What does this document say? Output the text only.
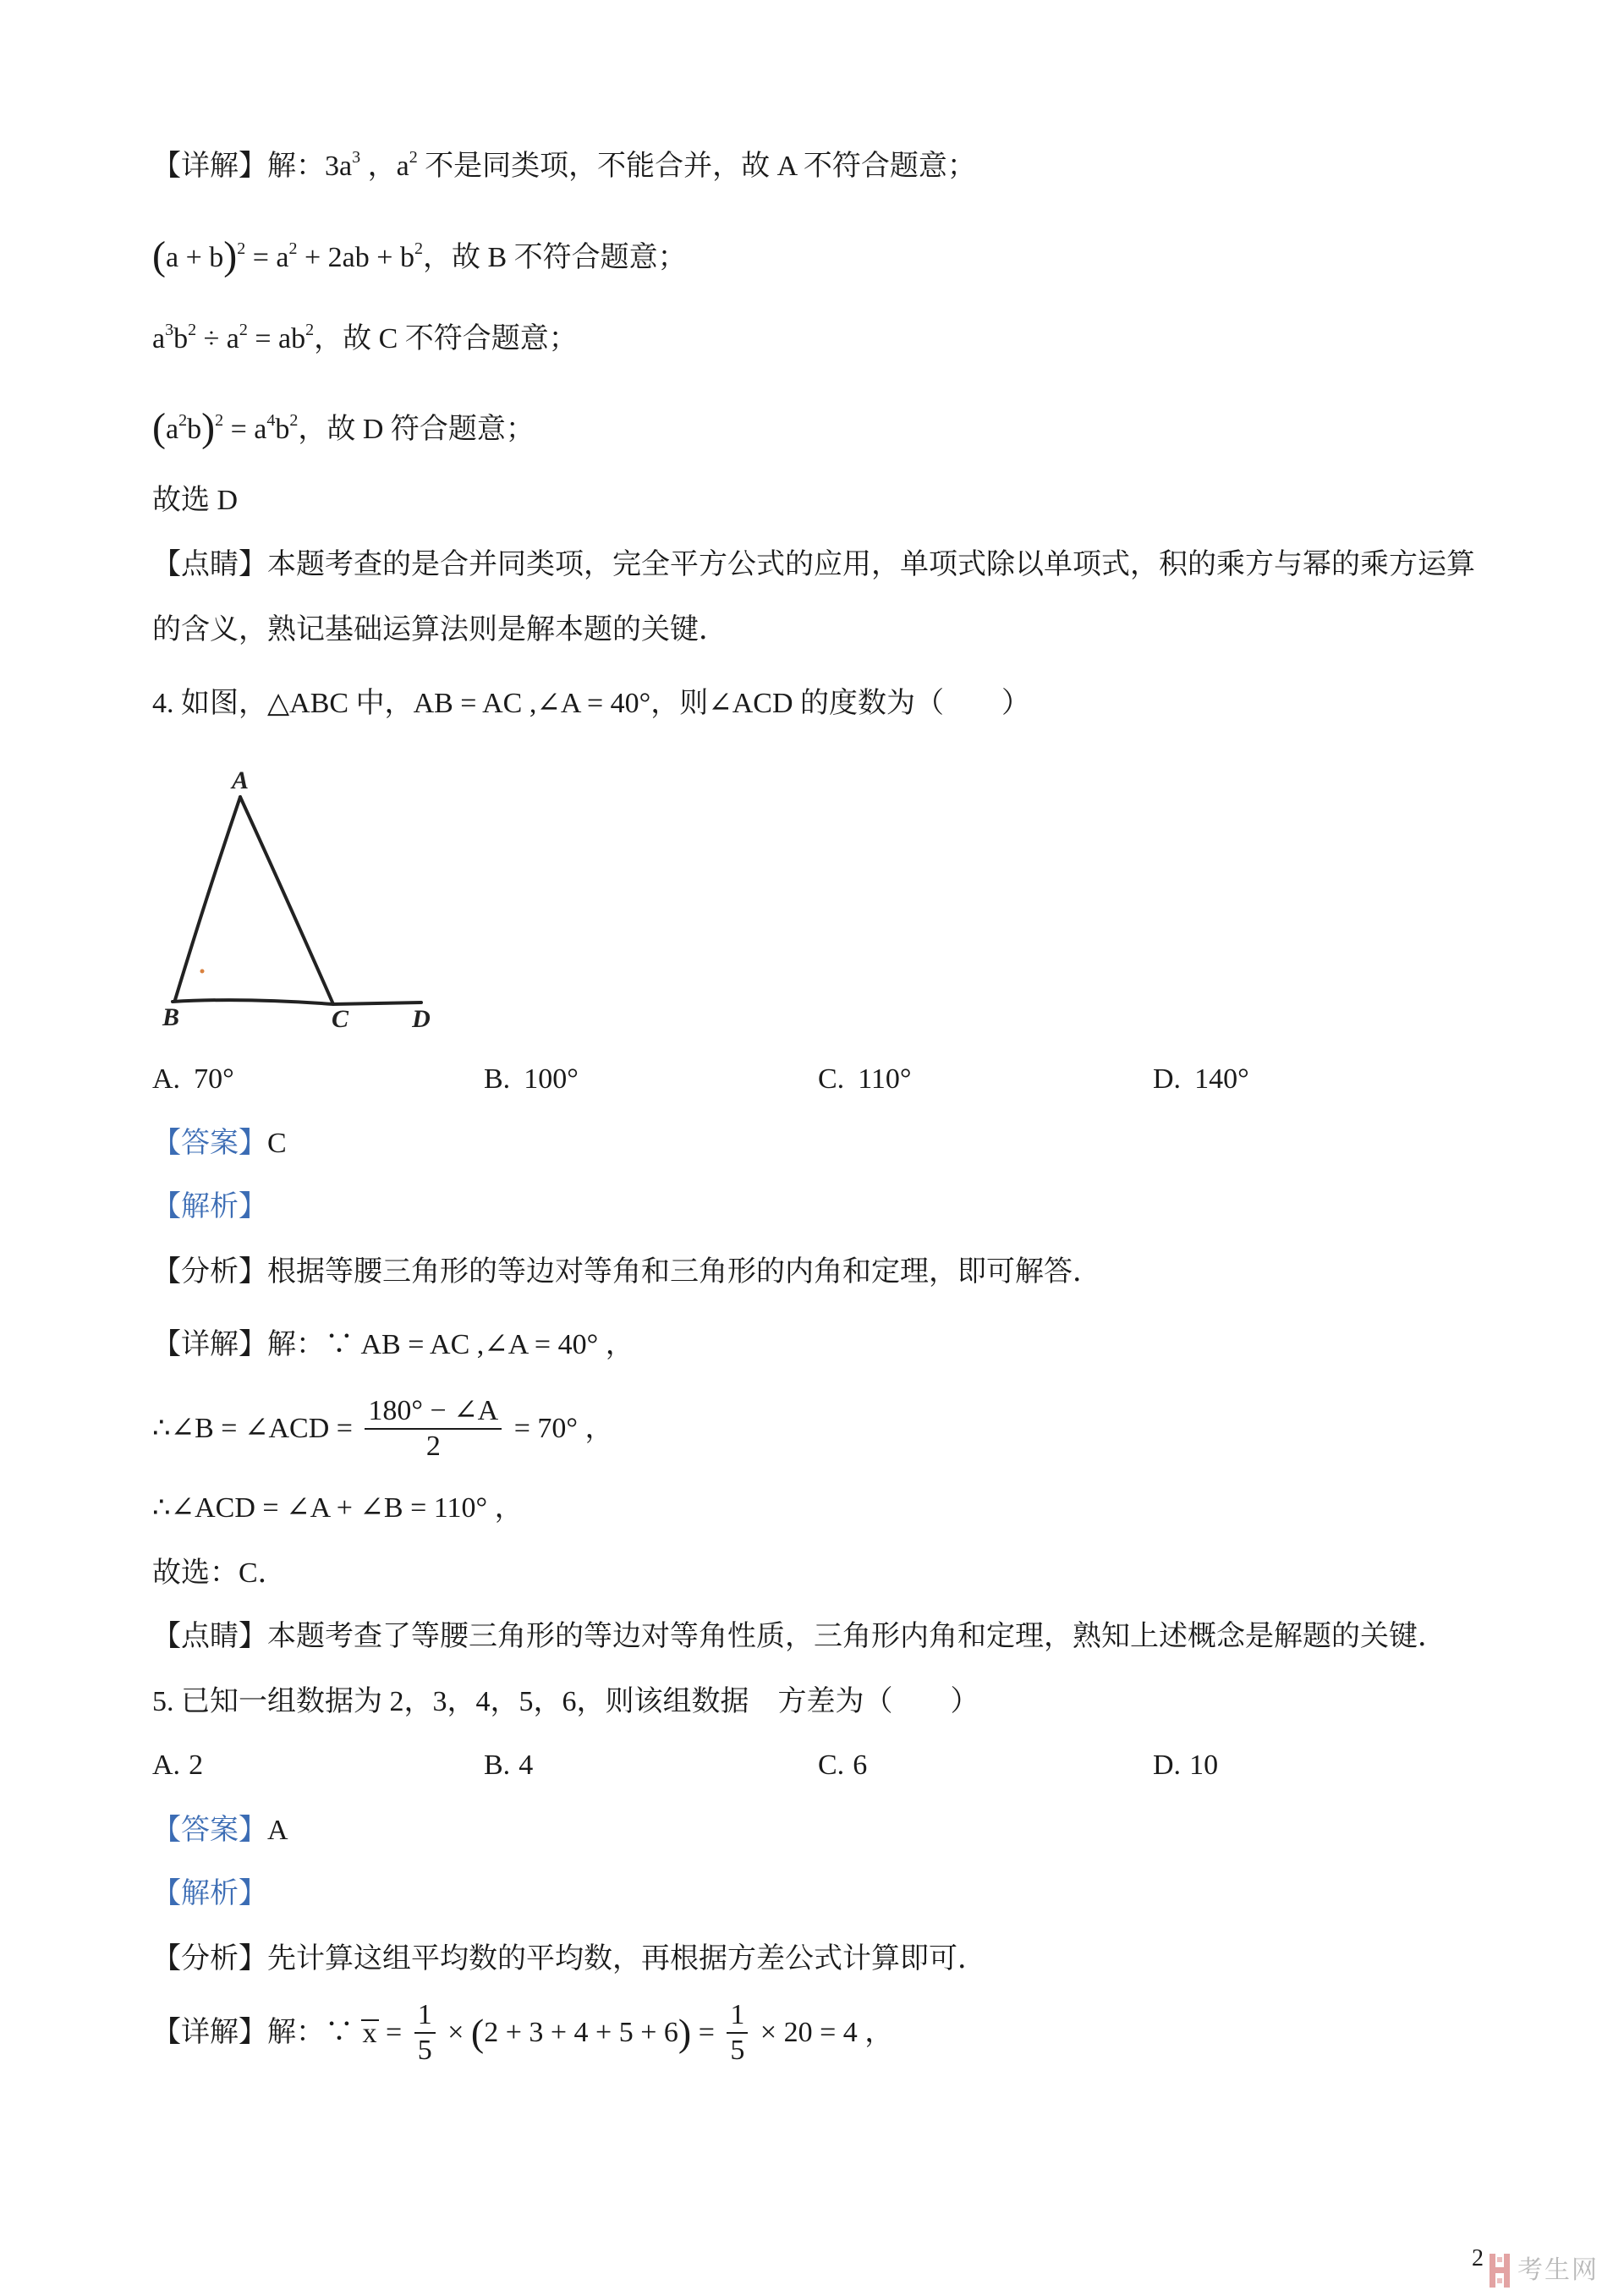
【详解】 解： 3a 3 ， a 2 不是同类项，不能合并，故 A 不符合题意；
( a + b ) 2 = a 2 + 2ab + b 2 ，故 B 不符合题意；
a 3 b 2 ÷ a 2 = ab 2 ，故 C 不符合题意；
( a 2 b ) 2 = a 4 b 2 ，故 D 符合题意；
故选 D
【点睛】 本题考查的是合并同类项，完全平方公式的应用，单项式除以单项式，积的乘方与幂的乘方运算
的含义，熟记基础运算法则是解本题的关键．
4. 如图， △ABC 中， AB = AC ,∠A = 40° ，则 ∠ACD 的度数为（　　）
A
B	C	D
A. 70°	B. 100°	C. 110°	D. 140°
【答案】 C
【解析】
【分析】 根据等腰三角形的等边对等角和三角形的内角和定理，即可解答．
【详解】 解：∵ AB = AC ,∠A = 40° ，
∴∠B = ∠ACD = $\frac{180^\circ - \angle A}{2} = 70^\circ$ ，
∴∠ACD = ∠A + ∠B = 110° ，
故选：C．
【点睛】 本题考查了等腰三角形的等边对等角性质，三角形内角和定理，熟知上述概念是解题的关键．
5. 已知一组数据为 2，3，4，5，6，则该组数据　方差为（　　）
A. 2	B. 4	C. 6	D. 10
【答案】 A
【解析】
【分析】 先计算这组平均数的平均数，再根据方差公式计算即可．
【详解】 解：∵ $x = \frac{1}{5}$ × ( 2 + 3 + 4 + 5 + 6 ) = $\frac{1}{5} \times 20 = 4$ ，
2 考生网
